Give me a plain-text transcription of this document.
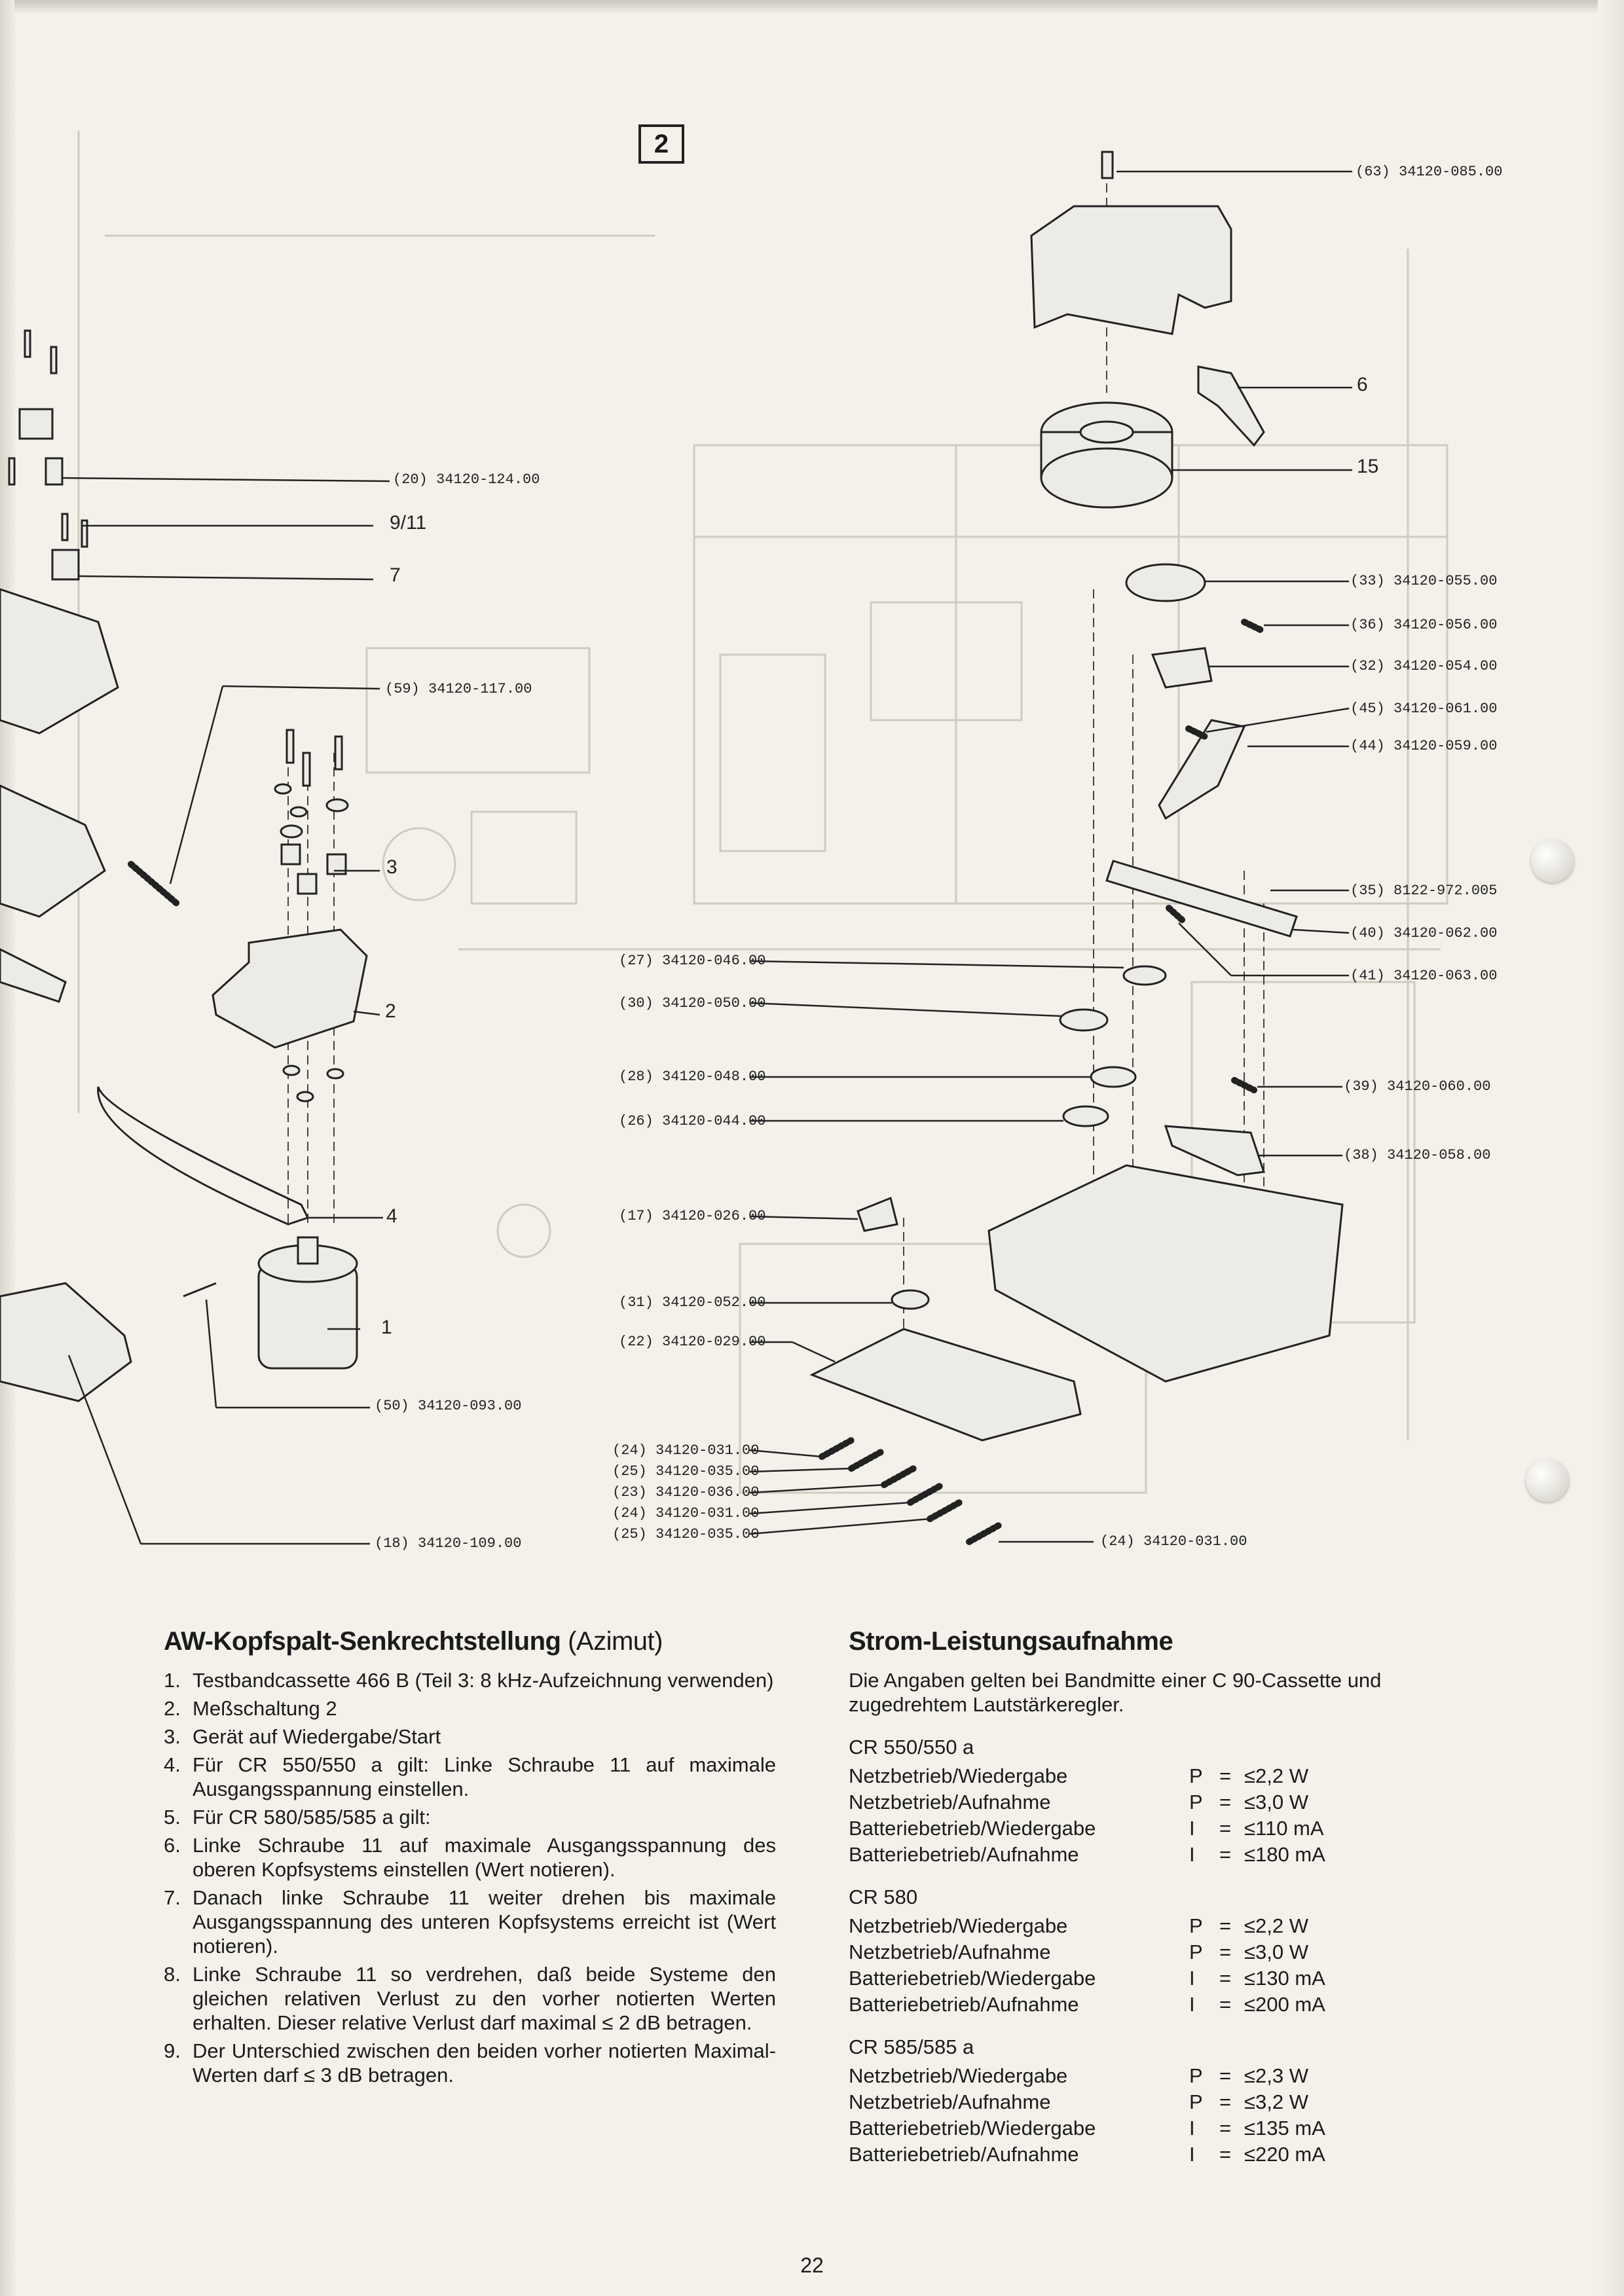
2
(63) 34120-085.00
6
15
(33) 34120-055.00
(36) 34120-056.00
(32) 34120-054.00
(45) 34120-061.00
(44) 34120-059.00
(35) 8122-972.005
(40) 34120-062.00
(41) 34120-063.00
(39) 34120-060.00
(38) 34120-058.00
(27) 34120-046.00
(30) 34120-050.00
(28) 34120-048.00
(26) 34120-044.00
(17) 34120-026.00
(31) 34120-052.00
(22) 34120-029.00
(24) 34120-031.00
(25) 34120-035.00
(23) 34120-036.00
(24) 34120-031.00
(25) 34120-035.00	(24) 34120-031.00
(20) 34120-124.00
9/11
7
(59) 34120-117.00
3
2
4
1
(50) 34120-093.00
(18) 34120-109.00
AW-Kopfspalt-Senkrechtstellung (Azimut)
1. Testbandcassette 466 B (Teil 3: 8 kHz-Aufzeichnung verwenden)
2. Meßschaltung 2
3. Gerät auf Wiedergabe/Start
4. Für CR 550/550 a gilt: Linke Schraube 11 auf maximale Ausgangsspannung einstellen.
5. Für CR 580/585/585 a gilt:
6. Linke Schraube 11 auf maximale Ausgangsspannung des oberen Kopfsystems einstellen (Wert notieren).
7. Danach linke Schraube 11 weiter drehen bis maximale Ausgangsspannung des unteren Kopfsystems erreicht ist (Wert notieren).
8. Linke Schraube 11 so verdrehen, daß beide Systeme den gleichen relativen Verlust zu den vorher notierten Werten erhalten. Dieser relative Verlust darf maximal ≤ 2 dB betragen.
9. Der Unterschied zwischen den beiden vorher notierten Maximal-Werten darf ≤ 3 dB betragen.
Strom-Leistungsaufnahme

Die Angaben gelten bei Bandmitte einer C 90-Cassette und zugedrehtem Lautstärkeregler.

CR 550/550 a
Netzbetrieb/Wiedergabe	P = ≤2,2 W
Netzbetrieb/Aufnahme	P = ≤3,0 W
Batteriebetrieb/Wiedergabe	I	= ≤110 mA
Batteriebetrieb/Aufnahme	I	= ≤180 mA
CR 580
Netzbetrieb/Wiedergabe	P = ≤2,2 W
Netzbetrieb/Aufnahme	P = ≤3,0 W
Batteriebetrieb/Wiedergabe	I	= ≤130 mA
Batteriebetrieb/Aufnahme	I	= ≤200 mA
CR 585/585 a
Netzbetrieb/Wiedergabe	P = ≤2,3 W
Netzbetrieb/Aufnahme	P = ≤3,2 W
Batteriebetrieb/Wiedergabe	I	= ≤135 mA
Batteriebetrieb/Aufnahme	I	= ≤220 mA
22
